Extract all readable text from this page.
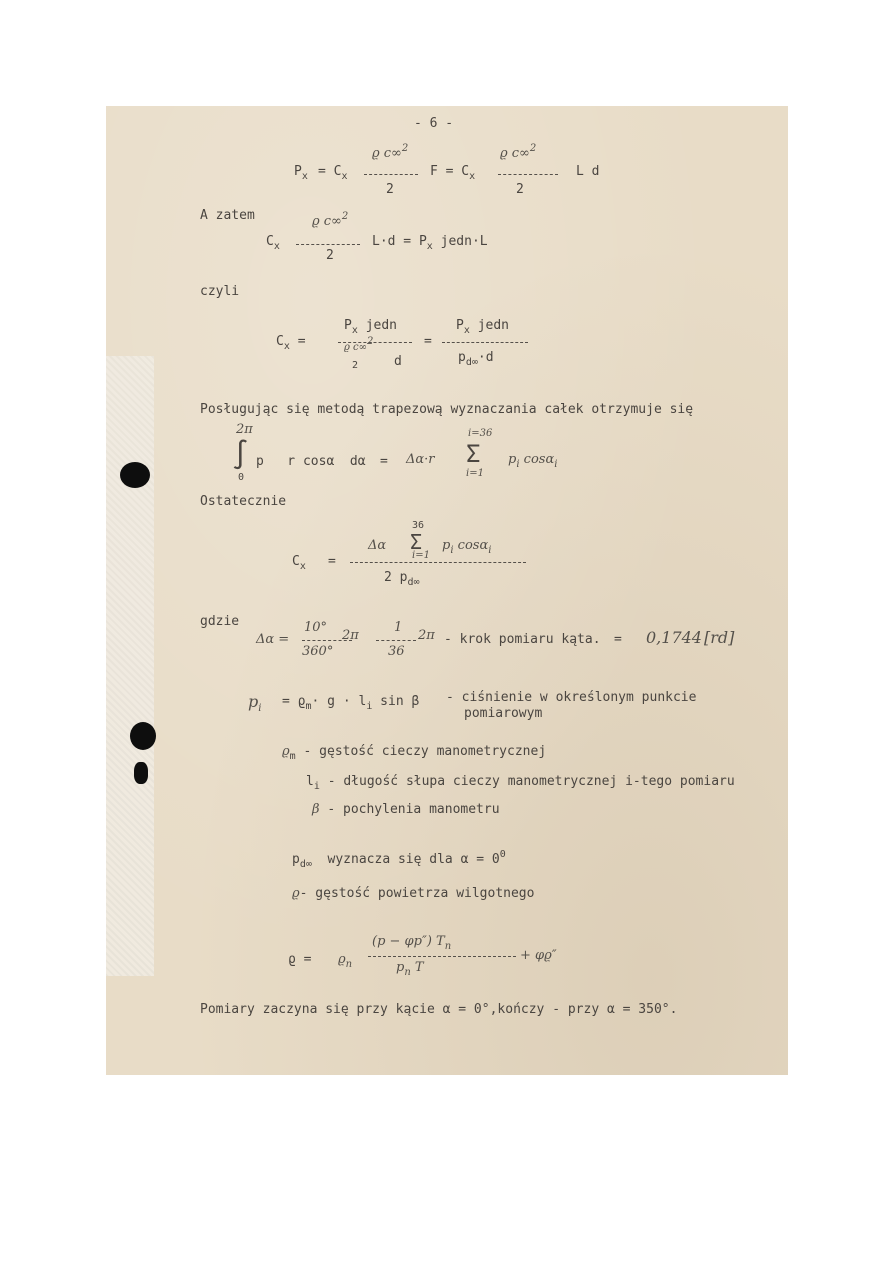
- 6 -
$P_x = C_x$
ϱ c∞$^2$
2
$F = C_x$
ϱ c∞$^2$
2
L d
A zatem
$C_x$
ϱ c∞$^2$
2
$L\cdot d = P_x$ jedn·L
czyli
$C_x$ =
$P_x$ jedn
ϱ c∞2
2	d
=
$P_x$ jedn
$p_{d\infty}\cdot d$
Posługując się metodą trapezową wyznaczania całek otrzymuje się
2π
∫
0
p   r cosα  dα = Δα·r
i=36
Σ
i=1
$p_i$ cosα$_i$
Ostatecznie
$C_x$ =
Δα
36
Σ
i=1
$p_i$ cosα$_i$
2 $p_{d\infty}$
gdzie
Δα =
10°
360°
2π
1
36
2π - krok pomiaru kąta. = 0,1744 [rd]
$p_i = ϱ_m\cdot g \cdot l_i$ sin β - ciśnienie w określonym punkcie
pomiarowym
$ϱ_m$ - gęstość cieczy manometrycznej
$l_i$ - długość słupa cieczy manometrycznej i-tego pomiaru
β - pochylenia manometru
$p_{d\infty}$ wyznacza się dla $\alpha = 0^0$
ϱ- gęstość powietrza wilgotnego
$ϱ = ϱ_n$
(p − φp″) $T_n$
$p_n$ T
+ φϱ″
Pomiary zaczyna się przy kącie α = 0°,kończy - przy α = 350°.
